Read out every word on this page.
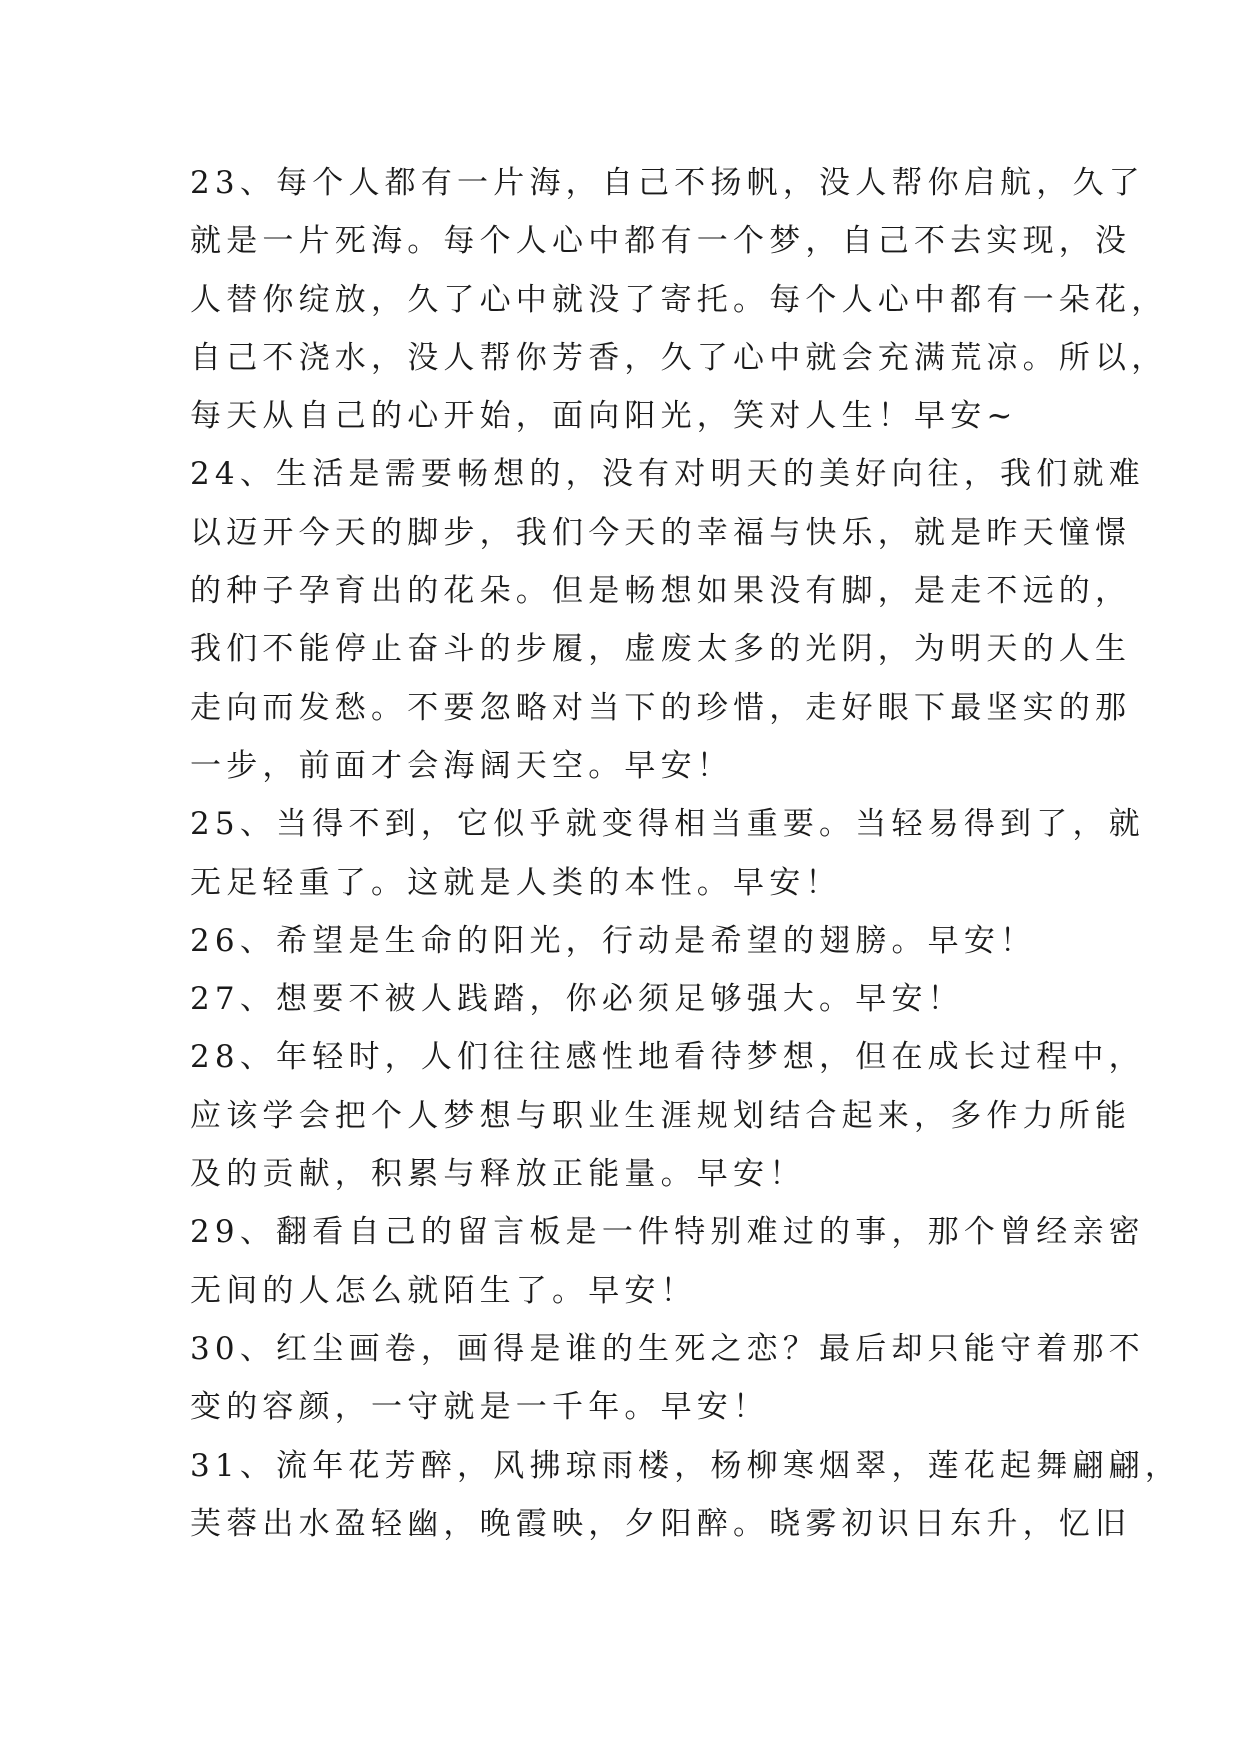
23、每个人都有一片海，自己不扬帆，没人帮你启航，久了
就是一片死海。每个人心中都有一个梦，自己不去实现，没
人替你绽放，久了心中就没了寄托。每个人心中都有一朵花，
自己不浇水，没人帮你芳香，久了心中就会充满荒凉。所以，
每天从自己的心开始，面向阳光，笑对人生！早安~
24、生活是需要畅想的，没有对明天的美好向往，我们就难
以迈开今天的脚步，我们今天的幸福与快乐，就是昨天憧憬
的种子孕育出的花朵。但是畅想如果没有脚，是走不远的，
我们不能停止奋斗的步履，虚废太多的光阴，为明天的人生
走向而发愁。不要忽略对当下的珍惜，走好眼下最坚实的那
一步，前面才会海阔天空。早安！
25、当得不到，它似乎就变得相当重要。当轻易得到了，就
无足轻重了。这就是人类的本性。早安！
26、希望是生命的阳光，行动是希望的翅膀。早安！
27、想要不被人践踏，你必须足够强大。早安！
28、年轻时，人们往往感性地看待梦想，但在成长过程中，
应该学会把个人梦想与职业生涯规划结合起来，多作力所能
及的贡献，积累与释放正能量。早安！
29、翻看自己的留言板是一件特别难过的事，那个曾经亲密
无间的人怎么就陌生了。早安！
30、红尘画卷，画得是谁的生死之恋？最后却只能守着那不
变的容颜，一守就是一千年。早安！
31、流年花芳醉，风拂琼雨楼，杨柳寒烟翠，莲花起舞翩翩，
芙蓉出水盈轻幽，晚霞映，夕阳醉。晓雾初识日东升，忆旧
